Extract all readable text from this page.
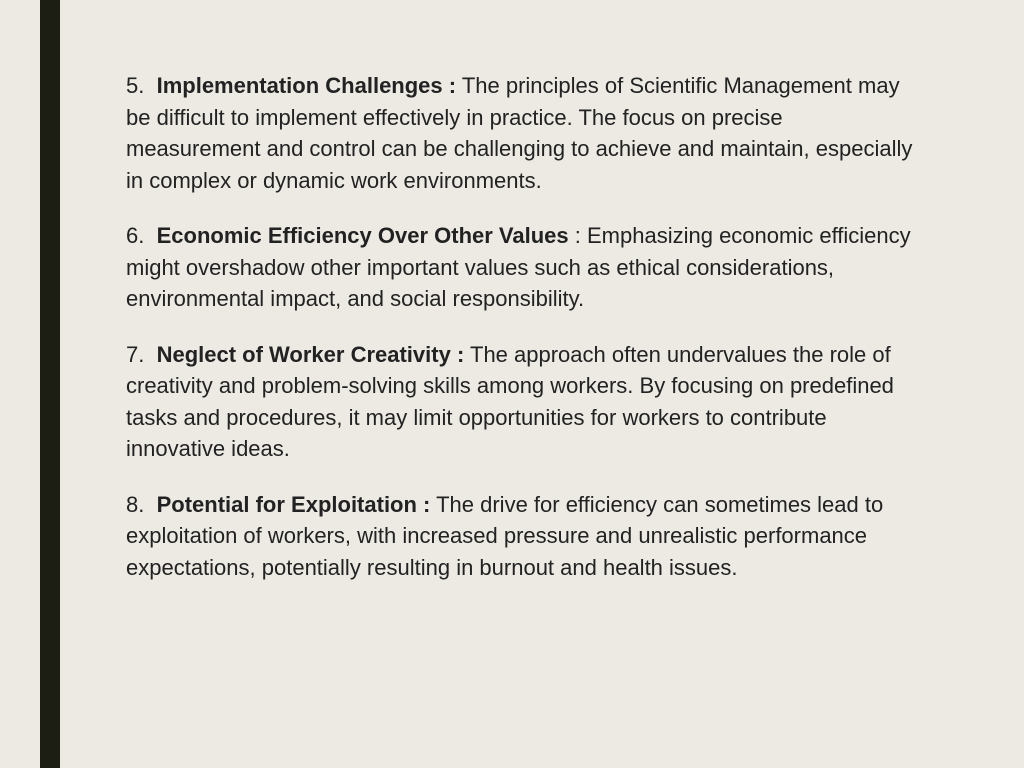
5. Implementation Challenges : The principles of Scientific Management may be difficult to implement effectively in practice. The focus on precise measurement and control can be challenging to achieve and maintain, especially in complex or dynamic work environments.

6. Economic Efficiency Over Other Values : Emphasizing economic efficiency might overshadow other important values such as ethical considerations, environmental impact, and social responsibility.

7. Neglect of Worker Creativity : The approach often undervalues the role of creativity and problem-solving skills among workers. By focusing on predefined tasks and procedures, it may limit opportunities for workers to contribute innovative ideas.

8. Potential for Exploitation : The drive for efficiency can sometimes lead to exploitation of workers, with increased pressure and unrealistic performance expectations, potentially resulting in burnout and health issues.
